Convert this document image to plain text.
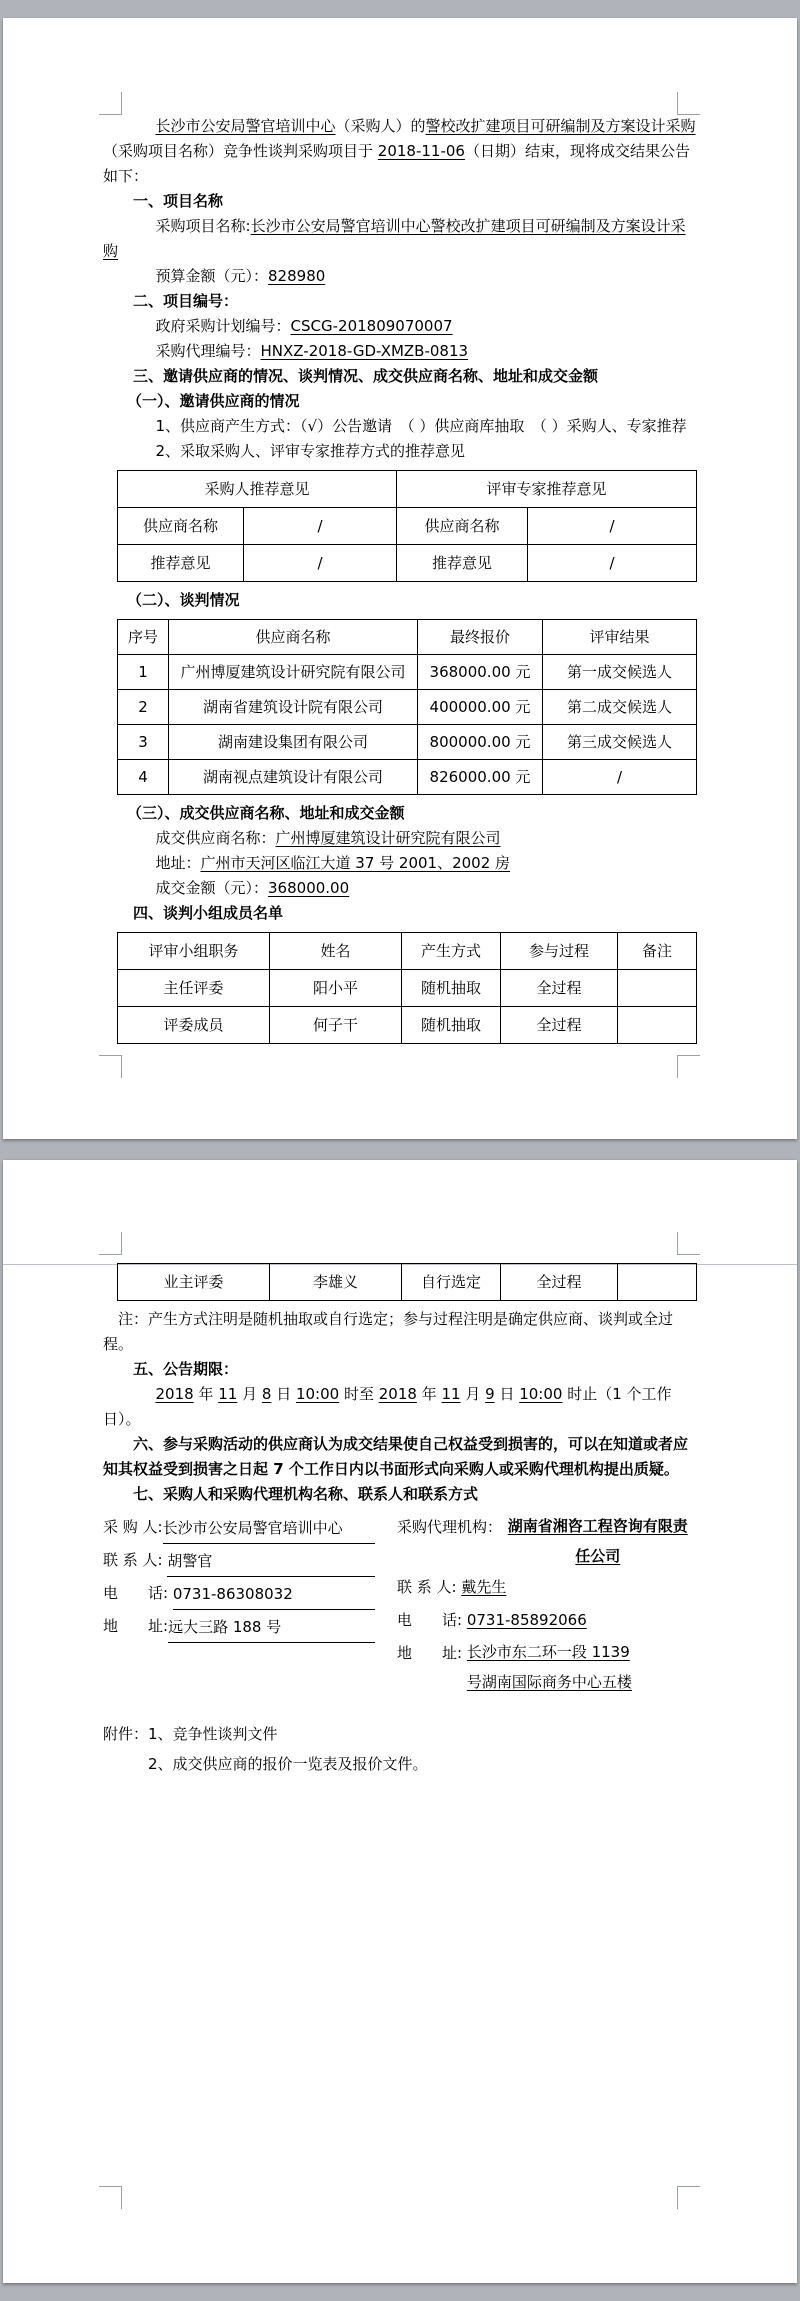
长沙市公安局警官培训中心（采购人）的警校改扩建项目可研编制及方案设计采购（采购项目名称）竞争性谈判采购项目于 2018-11-06（日期）结束，现将成交结果公告如下：

一、项目名称

采购项目名称:长沙市公安局警官培训中心警校改扩建项目可研编制及方案设计采购

预算金额（元）：828980

二、项目编号：

政府采购计划编号：CSCG-201809070007

采购代理编号：HNXZ-2018-GD-XMZB-0813

三、邀请供应商的情况、谈判情况、成交供应商名称、地址和成交金额

（一）、邀请供应商的情况

1、供应商产生方式：（√）公告邀请　（ ）供应商库抽取　（ ）采购人、专家推荐

2、采取采购人、评审专家推荐方式的推荐意见

采购人推荐意见		评审专家推荐意见	
供应商名称	/	供应商名称	/
推荐意见	/	推荐意见	/

（二）、谈判情况

序号	供应商名称	最终报价	评审结果
1	广州博厦建筑设计研究院有限公司	368000.00 元	第一成交候选人
2	湖南省建筑设计院有限公司	400000.00 元	第二成交候选人
3	湖南建设集团有限公司	800000.00 元	第三成交候选人
4	湖南视点建筑设计有限公司	826000.00 元	/

（三）、成交供应商名称、地址和成交金额

成交供应商名称：广州博厦建筑设计研究院有限公司

地址：广州市天河区临江大道 37 号 2001、2002 房

成交金额（元）：368000.00

四、谈判小组成员名单

评审小组职务	姓名	产生方式	参与过程	备注
主任评委	阳小平	随机抽取	全过程	
评委成员	何子干	随机抽取	全过程	
业主评委	李雄义	自行选定	全过程	

注：产生方式注明是随机抽取或自行选定；参与过程注明是确定供应商、谈判或全过程。

五、公告期限：

2018 年 11 月 8 日 10:00 时至 2018 年 11 月 9 日 10:00 时止（1 个工作日）。

六、参与采购活动的供应商认为成交结果使自己权益受到损害的，可以在知道或者应知其权益受到损害之日起 7 个工作日内以书面形式向采购人或采购代理机构提出质疑。

七、采购人和采购代理机构名称、联系人和联系方式

采 购 人: 长沙市公安局警官培训中心
联 系 人: 胡警官
电　　话: 0731-86308032
地　　址: 远大三路 188 号
采购代理机构： 湖南省湘咨工程咨询有限责任公司
联 系 人: 戴先生
电　　话: 0731-85892066
地　　址: 长沙市东二环一段 1139 号湖南国际商务中心五楼

附件：1、竞争性谈判文件

2、成交供应商的报价一览表及报价文件。
